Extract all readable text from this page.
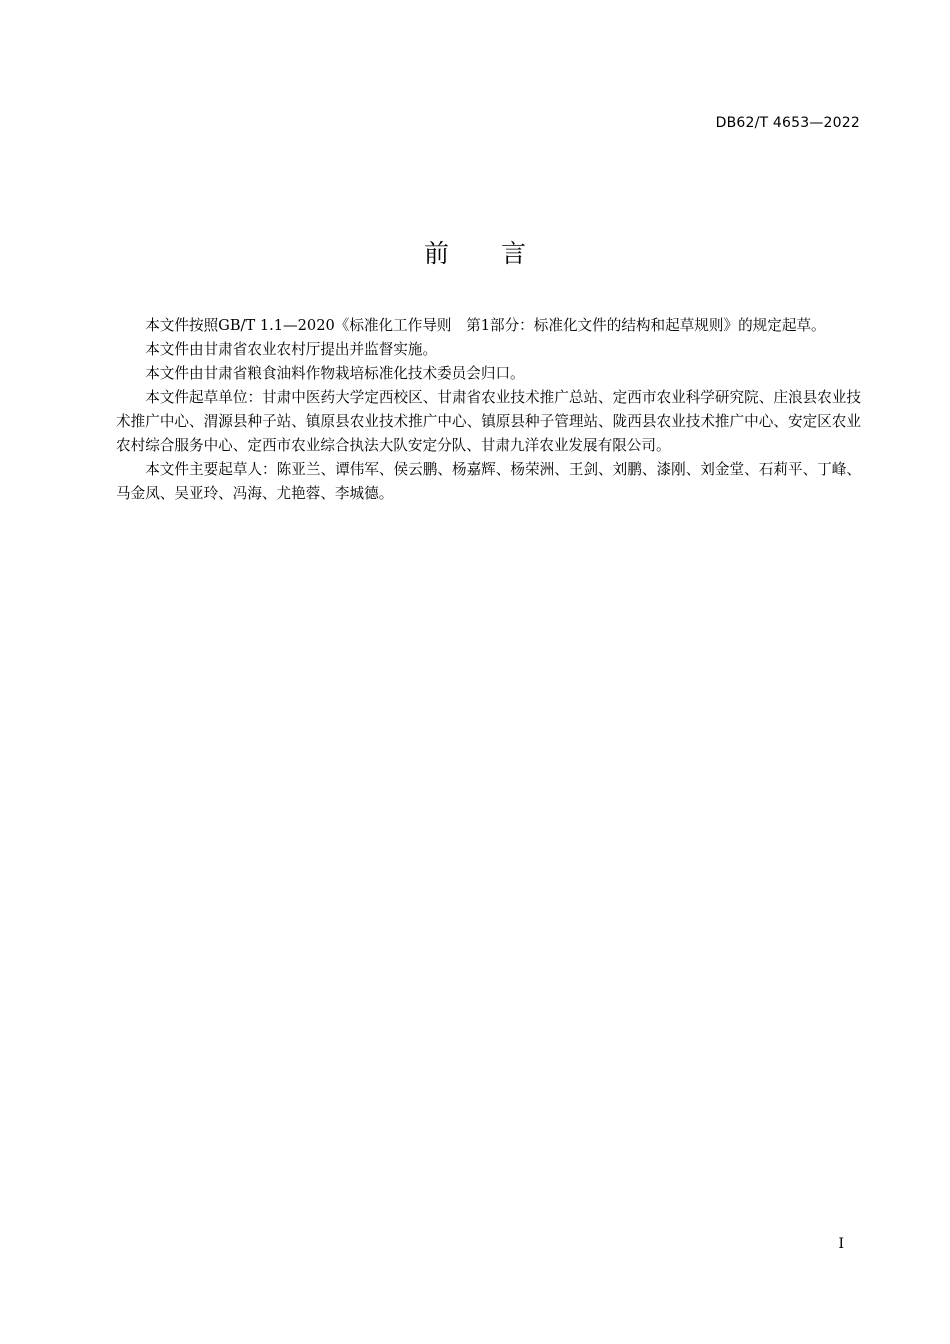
DB62/T 4653—2022
前言

本文件按照GB/T 1.1—2020《标准化工作导则　第1部分：标准化文件的结构和起草规则》的规定起草。

本文件由甘肃省农业农村厅提出并监督实施。

本文件由甘肃省粮食油料作物栽培标准化技术委员会归口。

本文件起草单位：甘肃中医药大学定西校区、甘肃省农业技术推广总站、定西市农业科学研究院、庄浪县农业技术推广中心、渭源县种子站、镇原县农业技术推广中心、镇原县种子管理站、陇西县农业技术推广中心、安定区农业农村综合服务中心、定西市农业综合执法大队安定分队、甘肃九洋农业发展有限公司。

本文件主要起草人：陈亚兰、谭伟军、侯云鹏、杨嘉辉、杨荣洲、王剑、刘鹏、漆刚、刘金堂、石莉平、丁峰、马金凤、吴亚玲、冯海、尤艳蓉、李城德。

I
